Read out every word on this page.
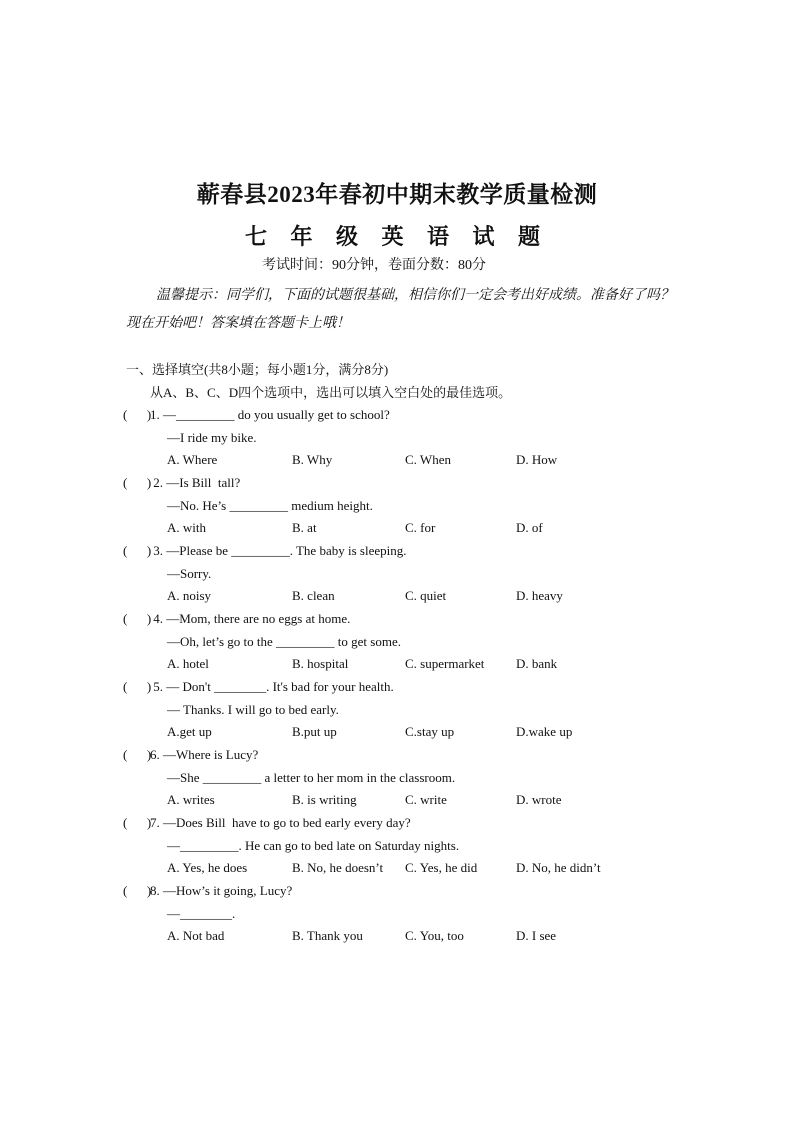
蕲春县2023年春初中期末教学质量检测
七 年 级 英 语 试 题
考试时间：90分钟，卷面分数：80分
温馨提示：同学们，下面的试题很基础，相信你们一定会考出好成绩。准备好了吗？现在开始吧！答案填在答题卡上哦！
一、选择填空(共8小题；每小题1分，满分8分)
从A、B、C、D四个选项中，选出可以填入空白处的最佳选项。
(      )
1. —_________ do you usually get to school?
—I ride my bike.
A. Where	B. Why	C. When	D. How
(      )
2. —Is Bill  tall?
—No. He’s _________ medium height.
A. with	B. at	C. for	D. of
(      )
3. —Please be _________. The baby is sleeping.
—Sorry.
A. noisy	B. clean	C. quiet	D. heavy
(      )
4. —Mom, there are no eggs at home.
—Oh, let’s go to the _________ to get some.
A. hotel	B. hospital	C. supermarket D. bank
(      )
5. — Don't ________. It's bad for your health.
— Thanks. I will go to bed early.
A.get up	B.put up	C.stay up	D.wake up
(      )
6. —Where is Lucy?
—She _________ a letter to her mom in the classroom.
A. writes	B. is writing	C. write	D. wrote
(      )
7. —Does Bill  have to go to bed early every day?
—_________. He can go to bed late on Saturday nights.
A. Yes, he does	B. No, he doesn’t C. Yes, he did	D. No, he didn’t
(      )
8. —How’s it going, Lucy?
—________.
A. Not bad	B. Thank you	C. You, too	D. I see
